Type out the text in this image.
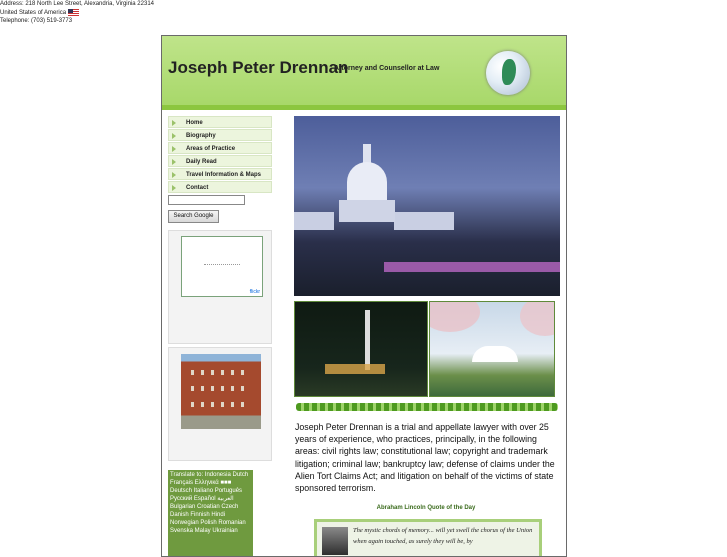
Address: 218 North Lee Street, Alexandria, Virginia 22314
United States of America
Telephone: (703) 519-3773
Joseph Peter Drennan
Attorney and Counsellor at Law
Home
Biography
Areas of Practice
Daily Read
Travel Information & Maps
Contact
Search Google
flickr
Translate to: Indonesia Dutch Français Ελληνικά ■■■ Deutsch Italiano Português Русский Español العربية Bulgarian Croatian Czech Danish Finnish Hindi Norwegian Polish Romanian Svenska Malay Ukrainian
Joseph Peter Drennan is a trial and appellate lawyer with over 25 years of experience, who practices, principally, in the following areas: civil rights law; constitutional law; copyright and trademark litigation; criminal law; bankruptcy law; defense of claims under the Alien Tort Claims Act; and litigation on behalf of the victims of state sponsored terrorism.
Abraham Lincoln Quote of the Day
The mystic chords of memory... will yet swell the chorus of the Union when again touched, as surely they will be, by
